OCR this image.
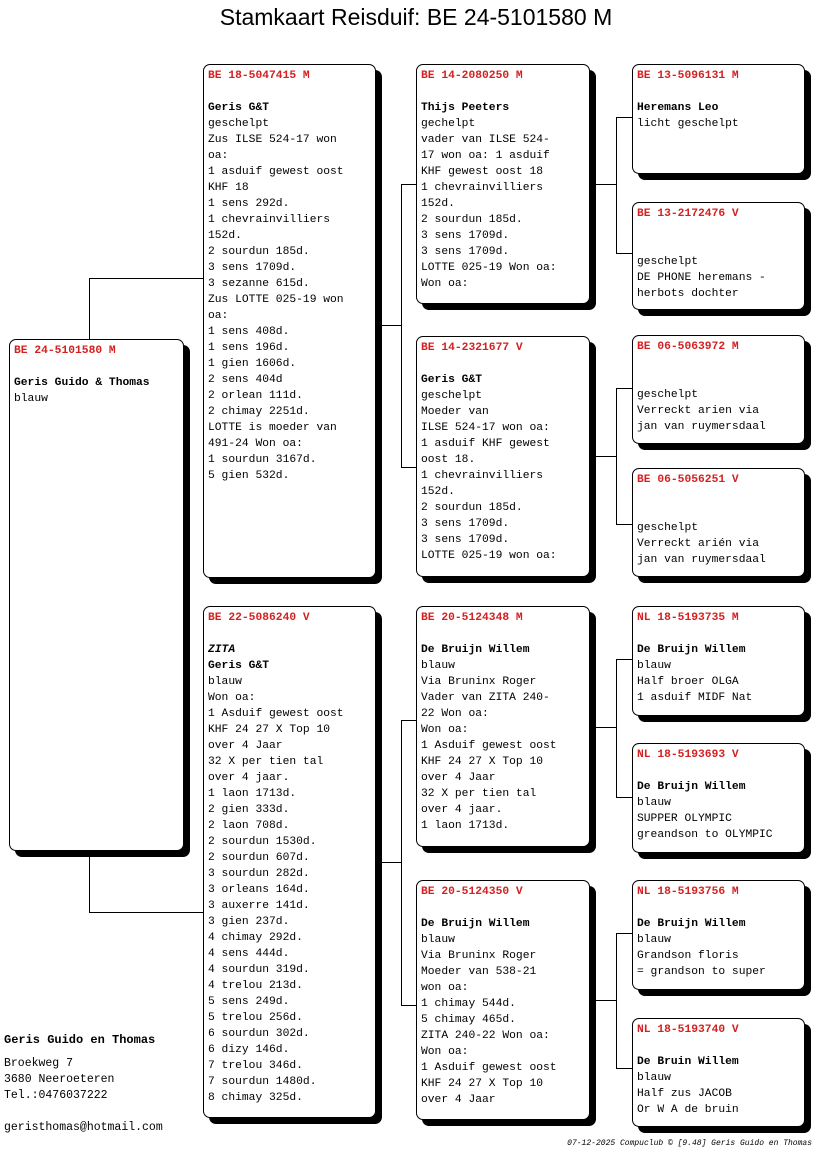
Stamkaart Reisduif: BE 24-5101580 M
BE 24-5101580 M
Geris Guido & Thomas
blauw
BE 18-5047415 M
Geris G&T
geschelpt
Zus ILSE 524-17 won
oa:
1 asduif gewest oost
KHF 18
1 sens 292d.
1 chevrainvilliers
152d.
2 sourdun 185d.
3 sens 1709d.
3 sezanne 615d.
Zus LOTTE 025-19 won
oa:
1 sens 408d.
1 sens 196d.
1 gien 1606d.
2 sens 404d
2 orlean 111d.
2 chimay 2251d.
LOTTE is moeder van
491-24 Won oa:
1 sourdun 3167d.
5 gien 532d.
BE 22-5086240 V
ZITA
Geris G&T
blauw
Won oa:
1 Asduif gewest oost
KHF 24 27 X Top 10
over 4 Jaar
32 X per tien tal
over 4 jaar.
1 laon 1713d.
2 gien 333d.
2 laon 708d.
2 sourdun 1530d.
2 sourdun 607d.
3 sourdun 282d.
3 orleans 164d.
3 auxerre 141d.
3 gien 237d.
4 chimay 292d.
4 sens 444d.
4 sourdun 319d.
4 trelou 213d.
5 sens 249d.
5 trelou 256d.
6 sourdun 302d.
6 dizy 146d.
7 trelou 346d.
7 sourdun 1480d.
8 chimay 325d.
BE 14-2080250 M
Thijs Peeters
gechelpt
vader van ILSE 524-
17 won oa: 1 asduif
KHF gewest oost 18
1 chevrainvilliers
152d.
2 sourdun 185d.
3 sens 1709d.
3 sens 1709d.
LOTTE 025-19 Won oa:
Won oa:
BE 14-2321677 V
Geris G&T
geschelpt
Moeder van
ILSE 524-17 won oa:
1 asduif KHF gewest
oost 18.
1 chevrainvilliers
152d.
2 sourdun 185d.
3 sens 1709d.
3 sens 1709d.
LOTTE 025-19 won oa:
BE 20-5124348 M
De Bruijn Willem
blauw
Via Bruninx Roger
Vader van ZITA 240-
22 Won oa:
Won oa:
1 Asduif gewest oost
KHF 24 27 X Top 10
over 4 Jaar
32 X per tien tal
over 4 jaar.
1 laon 1713d.
BE 20-5124350 V
De Bruijn Willem
blauw
Via Bruninx Roger
Moeder van 538-21
won oa:
1 chimay 544d.
5 chimay 465d.
ZITA 240-22 Won oa:
Won oa:
1 Asduif gewest oost
KHF 24 27 X Top 10
over 4 Jaar
BE 13-5096131 M
Heremans Leo
licht geschelpt
BE 13-2172476 V
geschelpt
DE PHONE heremans -
herbots dochter
BE 06-5063972 M
geschelpt
Verreckt arien via
jan van ruymersdaal
BE 06-5056251 V
geschelpt
Verreckt arién via
jan van ruymersdaal
NL 18-5193735 M
De Bruijn Willem
blauw
Half broer OLGA
1 asduif MIDF Nat
NL 18-5193693 V
De Bruijn Willem
blauw
SUPPER OLYMPIC
greandson to OLYMPIC
NL 18-5193756 M
De Bruijn Willem
blauw
Grandson floris
= grandson to super
NL 18-5193740 V
De Bruin Willem
blauw
Half zus JACOB
Or W A de bruin
Geris Guido en Thomas
Broekweg 7
3680 Neeroeteren
Tel.:0476037222
geristhomas@hotmail.com
07-12-2025 Compuclub © [9.48] Geris Guido en Thomas
